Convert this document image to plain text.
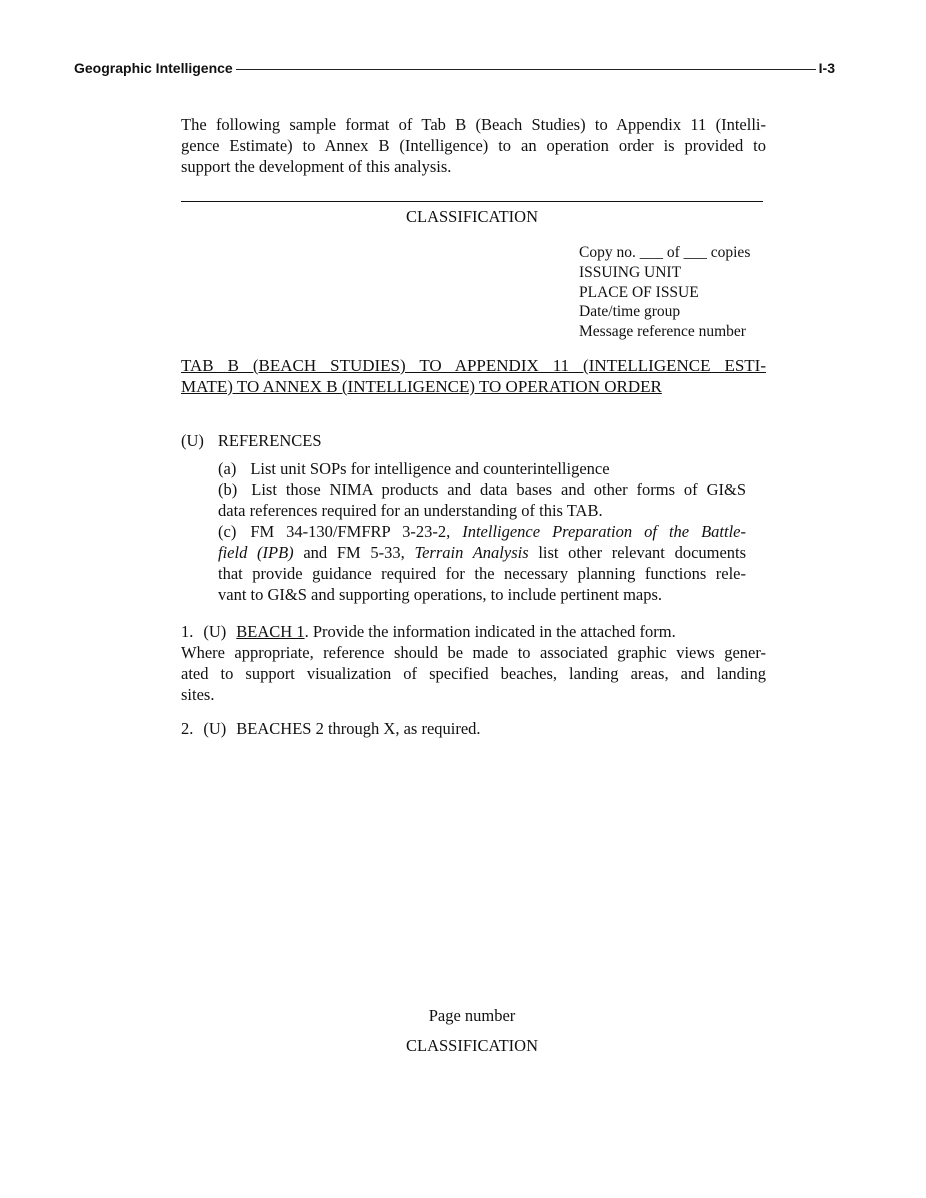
Geographic Intelligence	I-3
The following sample format of Tab B (Beach Studies) to Appendix 11 (Intelli-
gence Estimate) to Annex B (Intelligence) to an operation order is provided to
support the development of this analysis.
CLASSIFICATION
Copy no. ___ of ___ copies
ISSUING UNIT
PLACE OF ISSUE
Date/time group
Message reference number
TAB B (BEACH STUDIES) TO APPENDIX 11 (INTELLIGENCE ESTI-
MATE) TO ANNEX B (INTELLIGENCE) TO OPERATION ORDER
(U) REFERENCES
(a) List unit SOPs for intelligence and counterintelligence
(b) List those NIMA products and data bases and other forms of GI&S
data references required for an understanding of this TAB.
(c) FM 34-130/FMFRP 3-23-2, Intelligence Preparation of the Battle-
field (IPB) and FM 5-33, Terrain Analysis list other relevant documents
that provide guidance required for the necessary planning functions rele-
vant to GI&S and supporting operations, to include pertinent maps.
1. (U) BEACH 1. Provide the information indicated in the attached form.
Where appropriate, reference should be made to associated graphic views gener-
ated to support visualization of specified beaches, landing areas, and landing
sites.
2. (U) BEACHES 2 through X, as required.
Page number
CLASSIFICATION
